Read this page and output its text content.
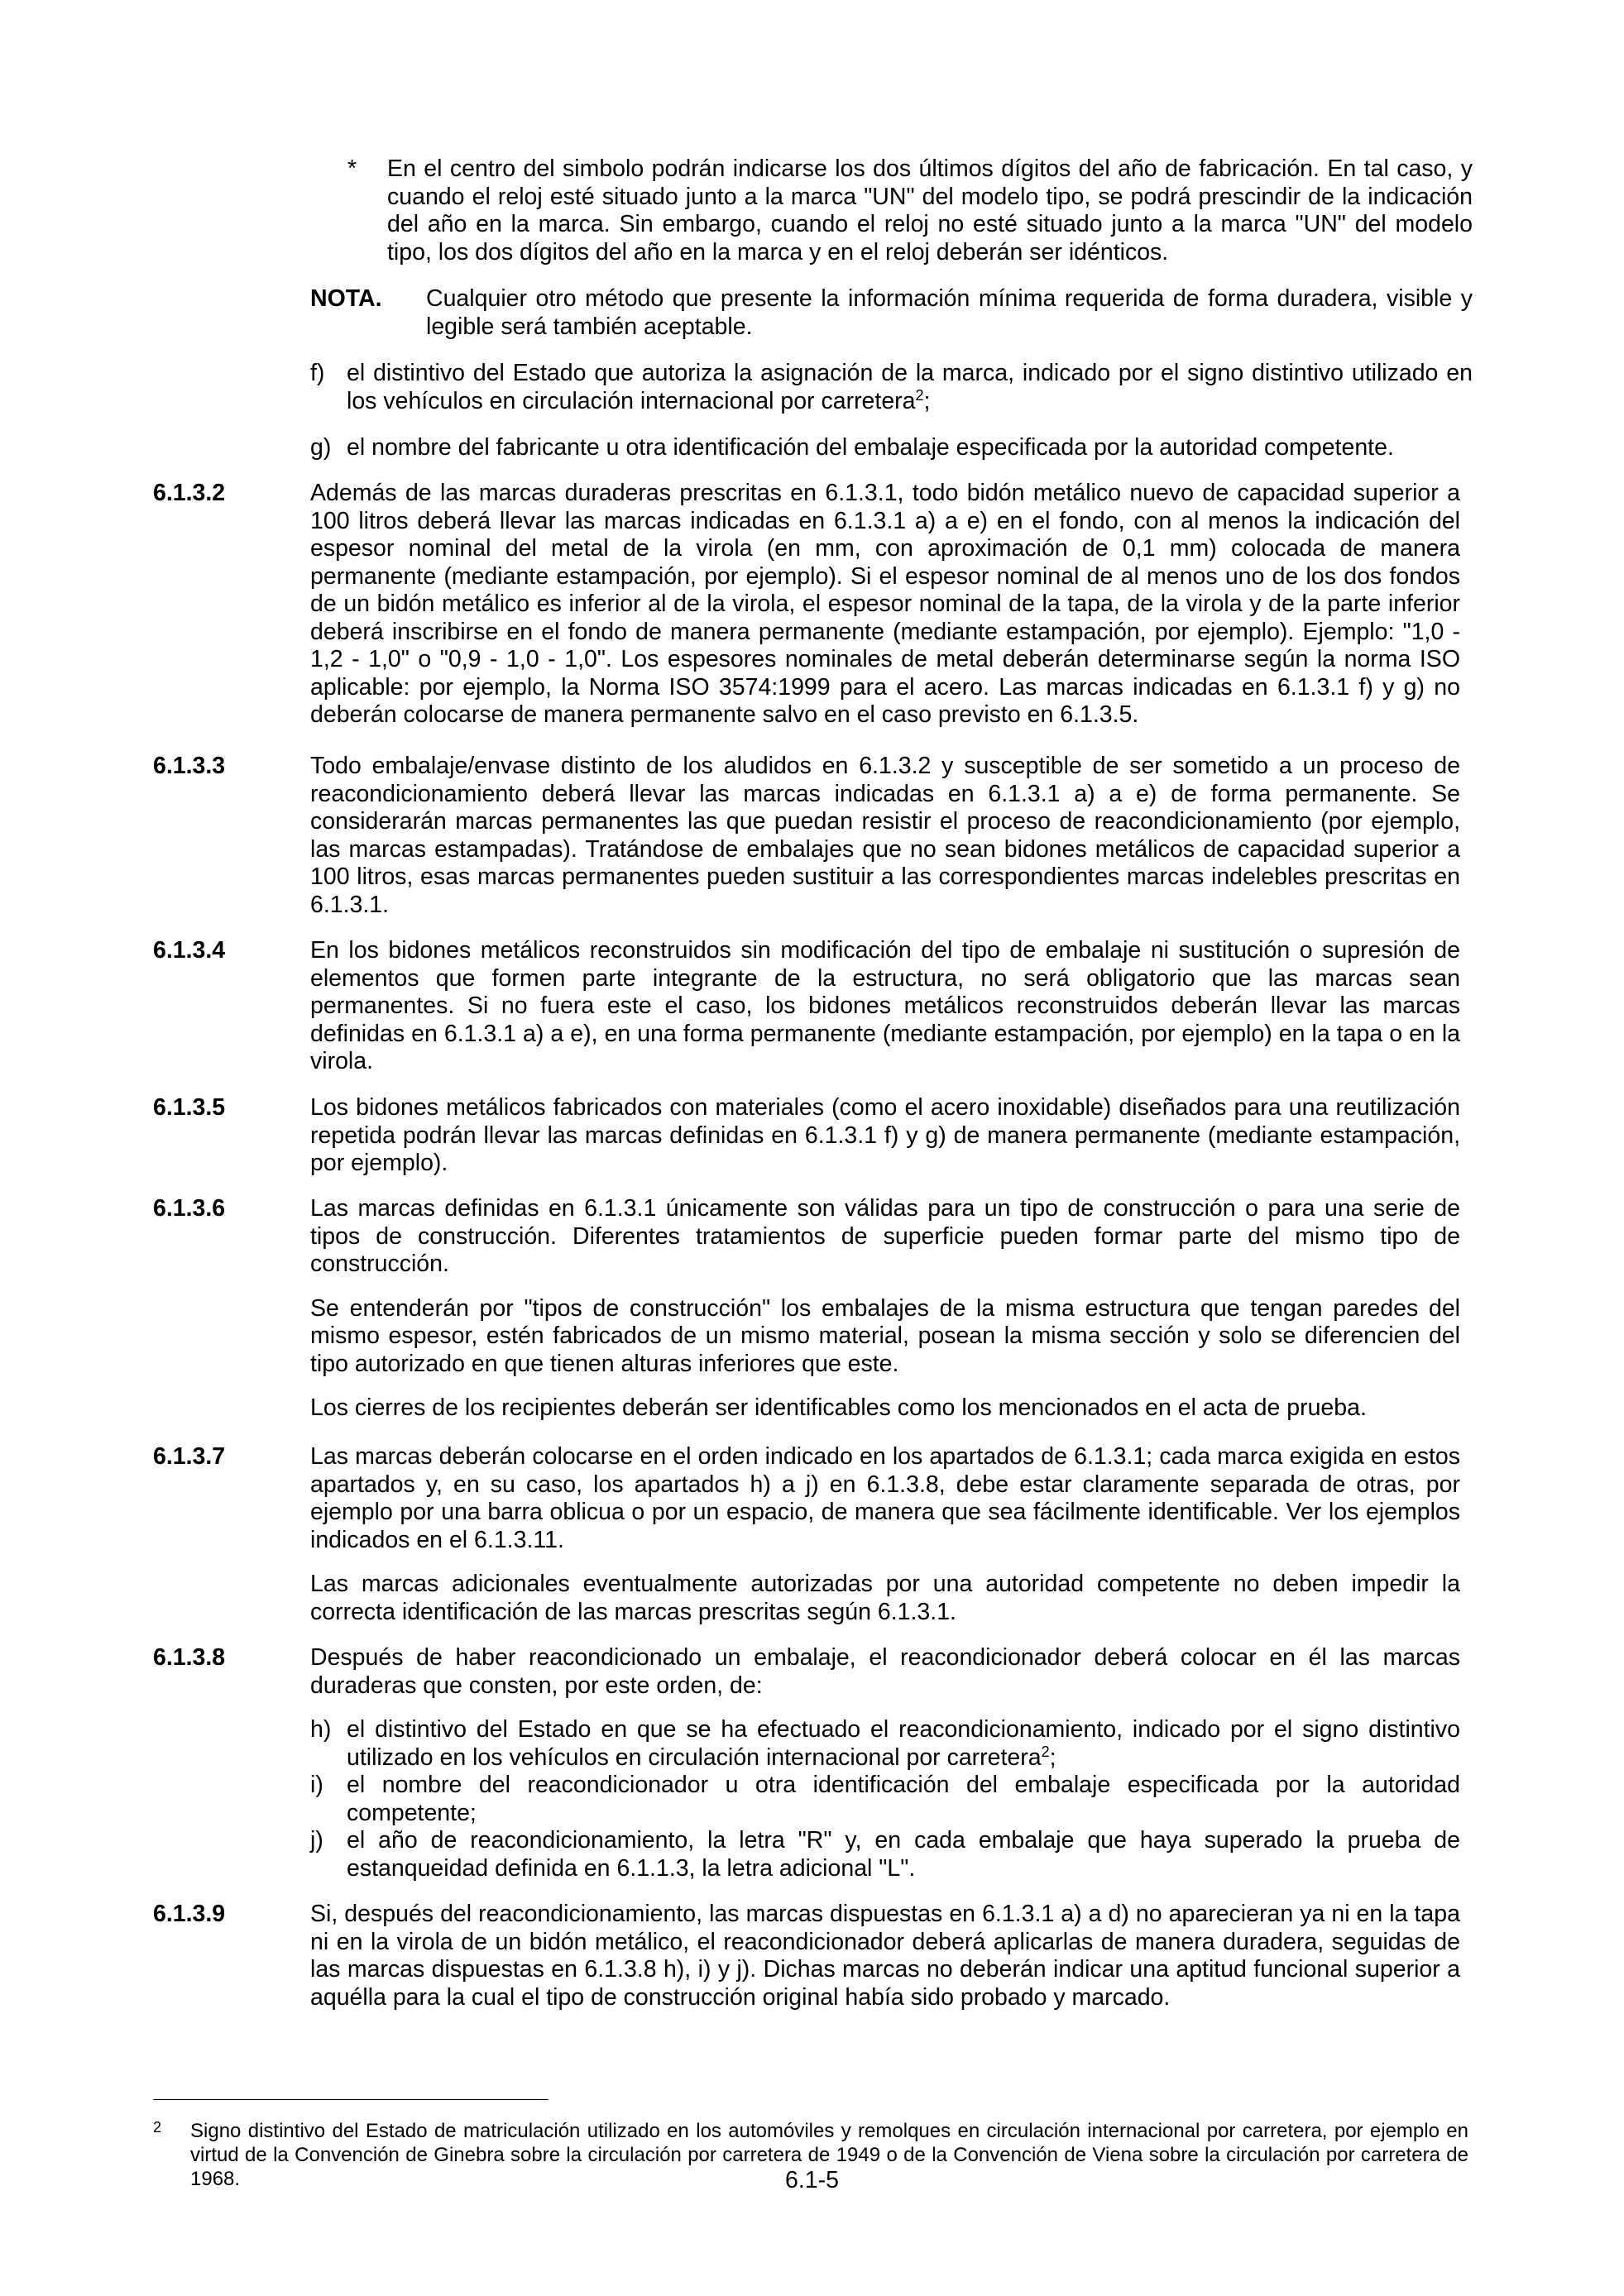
* En el centro del simbolo podrán indicarse los dos últimos dígitos del año de fabricación. En tal caso, y cuando el reloj esté situado junto a la marca "UN" del modelo tipo, se podrá prescindir de la indicación del año en la marca. Sin embargo, cuando el reloj no esté situado junto a la marca "UN" del modelo tipo, los dos dígitos del año en la marca y en el reloj deberán ser idénticos.

NOTA. Cualquier otro método que presente la información mínima requerida de forma duradera, visible y legible será también aceptable.

f) el distintivo del Estado que autoriza la asignación de la marca, indicado por el signo distintivo utilizado en los vehículos en circulación internacional por carretera$^2$;

g) el nombre del fabricante u otra identificación del embalaje especificada por la autoridad competente.

6.1.3.2	Además de las marcas duraderas prescritas en 6.1.3.1, todo bidón metálico nuevo de capacidad superior a 100 litros deberá llevar las marcas indicadas en 6.1.3.1 a) a e) en el fondo, con al menos la indicación del espesor nominal del metal de la virola (en mm, con aproximación de 0,1 mm) colocada de manera permanente (mediante estampación, por ejemplo). Si el espesor nominal de al menos uno de los dos fondos de un bidón metálico es inferior al de la virola, el espesor nominal de la tapa, de la virola y de la parte inferior deberá inscribirse en el fondo de manera permanente (mediante estampación, por ejemplo). Ejemplo: "1,0 - 1,2 - 1,0" o "0,9 - 1,0 - 1,0". Los espesores nominales de metal deberán determinarse según la norma ISO aplicable: por ejemplo, la Norma ISO 3574:1999 para el acero. Las marcas indicadas en 6.1.3.1 f) y g) no deberán colocarse de manera permanente salvo en el caso previsto en 6.1.3.5.

6.1.3.3	Todo embalaje/envase distinto de los aludidos en 6.1.3.2 y susceptible de ser sometido a un proceso de reacondicionamiento deberá llevar las marcas indicadas en 6.1.3.1 a) a e) de forma permanente. Se considerarán marcas permanentes las que puedan resistir el proceso de reacondicionamiento (por ejemplo, las marcas estampadas). Tratándose de embalajes que no sean bidones metálicos de capacidad superior a 100 litros, esas marcas permanentes pueden sustituir a las correspondientes marcas indelebles prescritas en 6.1.3.1.

6.1.3.4	En los bidones metálicos reconstruidos sin modificación del tipo de embalaje ni sustitución o supresión de elementos que formen parte integrante de la estructura, no será obligatorio que las marcas sean permanentes. Si no fuera este el caso, los bidones metálicos reconstruidos deberán llevar las marcas definidas en 6.1.3.1 a) a e), en una forma permanente (mediante estampación, por ejemplo) en la tapa o en la virola.

6.1.3.5	Los bidones metálicos fabricados con materiales (como el acero inoxidable) diseñados para una reutilización repetida podrán llevar las marcas definidas en 6.1.3.1 f) y g) de manera permanente (mediante estampación, por ejemplo).

6.1.3.6	Las marcas definidas en 6.1.3.1 únicamente son válidas para un tipo de construcción o para una serie de tipos de construcción. Diferentes tratamientos de superficie pueden formar parte del mismo tipo de construcción.

Se entenderán por "tipos de construcción" los embalajes de la misma estructura que tengan paredes del mismo espesor, estén fabricados de un mismo material, posean la misma sección y solo se diferencien del tipo autorizado en que tienen alturas inferiores que este.

Los cierres de los recipientes deberán ser identificables como los mencionados en el acta de prueba.

6.1.3.7	Las marcas deberán colocarse en el orden indicado en los apartados de 6.1.3.1; cada marca exigida en estos apartados y, en su caso, los apartados h) a j) en 6.1.3.8, debe estar claramente separada de otras, por ejemplo por una barra oblicua o por un espacio, de manera que sea fácilmente identificable. Ver los ejemplos indicados en el 6.1.3.11.

Las marcas adicionales eventualmente autorizadas por una autoridad competente no deben impedir la correcta identificación de las marcas prescritas según 6.1.3.1.

6.1.3.8	Después de haber reacondicionado un embalaje, el reacondicionador deberá colocar en él las marcas duraderas que consten, por este orden, de:

h) el distintivo del Estado en que se ha efectuado el reacondicionamiento, indicado por el signo distintivo utilizado en los vehículos en circulación internacional por carretera$^2$;
i) el nombre del reacondicionador u otra identificación del embalaje especificada por la autoridad competente;
j) el año de reacondicionamiento, la letra "R" y, en cada embalaje que haya superado la prueba de estanqueidad definida en 6.1.1.3, la letra adicional "L".
6.1.3.9	Si, después del reacondicionamiento, las marcas dispuestas en 6.1.3.1 a) a d) no aparecieran ya ni en la tapa ni en la virola de un bidón metálico, el reacondicionador deberá aplicarlas de manera duradera, seguidas de las marcas dispuestas en 6.1.3.8 h), i) y j). Dichas marcas no deberán indicar una aptitud funcional superior a aquélla para la cual el tipo de construcción original había sido probado y marcado.

2 Signo distintivo del Estado de matriculación utilizado en los automóviles y remolques en circulación internacional por carretera, por ejemplo en virtud de la Convención de Ginebra sobre la circulación por carretera de 1949 o de la Convención de Viena sobre la circulación por carretera de 1968.	6.1-5
